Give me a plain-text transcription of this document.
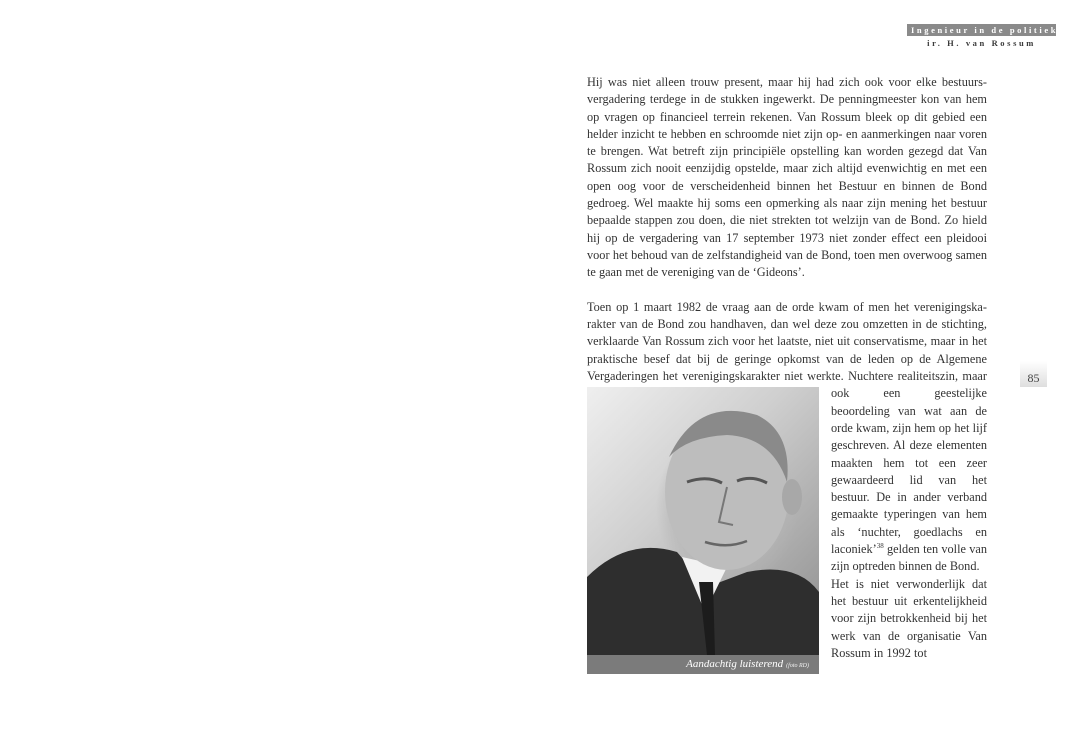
Ingenieur in de politiek
ir. H. van Rossum
85

Hij was niet alleen trouw present, maar hij had zich ook voor elke bestuursvergadering terdege in de stukken ingewerkt. De penningmeester kon van hem op vragen op financieel terrein rekenen. Van Rossum bleek op dit gebied een helder inzicht te hebben en schroomde niet zijn op- en aanmerkingen naar voren te brengen. Wat betreft zijn principiële opstelling kan worden gezegd dat Van Rossum zich nooit eenzijdig opstelde, maar zich altijd evenwichtig en met een open oog voor de verscheidenheid binnen het Bestuur en binnen de Bond gedroeg. Wel maakte hij soms een opmerking als naar zijn mening het bestuur bepaalde stappen zou doen, die niet strekten tot welzijn van de Bond. Zo hield hij op de vergadering van 17 september 1973 niet zonder effect een pleidooi voor het behoud van de zelfstandigheid van de Bond, toen men overwoog samen te gaan met de vereniging van de ‘Gideons’.

Aandachtig luisterend (foto RD)
Toen op 1 maart 1982 de vraag aan de orde kwam of men het verenigingskarakter van de Bond zou handhaven, dan wel deze zou omzetten in de stichting, verklaarde Van Rossum zich voor het laatste, niet uit conservatisme, maar in het praktische besef dat bij de geringe opkomst van de leden op de Algemene Vergaderingen het verenigingskarakter niet werkte. Nuchtere realiteitszin, maar ook een geestelijke beoordeling van wat aan de orde kwam, zijn hem op het lijf geschreven. Al deze elementen maakten hem tot een zeer gewaardeerd lid van het bestuur. De in ander verband gemaakte typeringen van hem als ‘nuchter, goedlachs en laconiek’$^{38}$ gelden ten volle van zijn optreden binnen de Bond.
Het is niet verwonderlijk dat het bestuur uit erkentelijkheid voor zijn betrokkenheid bij het werk van de organisatie Van Rossum in 1992 tot
